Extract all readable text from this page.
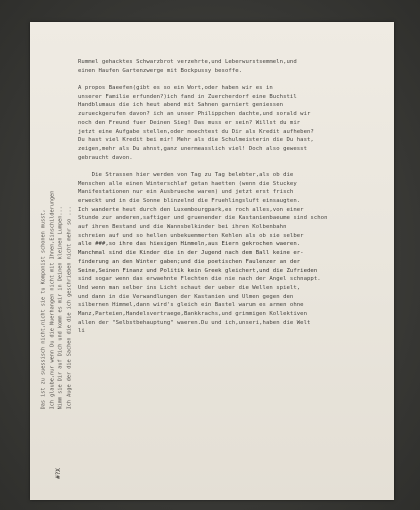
Rummel gehacktes Schwarzbrot verzehrte,und Leberwurstsemmeln,und
einen Haufen Gartenzwerge mit Bockpussy besoffe.

A propos Baeefen(gibt es so ein Wort,oder haben wir es in
unserer Familie erfunden?)ich fand in Zuercherdorf eine Buchstil
Handblumaus die ich heut abend mit Sahnen garniert geniessen
zurueckgerufen davon? ich an unser Philippchen dachte,und sorald wir
noch den Freund fuer Deinen Sieg! Das muss er sein? Willst du mir
jetzt eine Aufgabe stellen,oder moechtest du Dir als Kredit aufheben?
Du hast viel Kredit bei mir! Mehr als die Schulmeisterin die Du hast,
zeigen,mehr als Du ahnst,ganz unermeasslich viel! Doch also gewesst
gebraucht davon.

Die Strassen hier werden von Tag zu Tag belebter,als ob die
Menschen alle einen Winterschlaf getan haetten (wenn die Stuckey
Manifestationen nur ein Ausbrueche waren) und jetzt erst frisch
erweckt und in die Sonne blinzelnd die Fruehlingsluft einsaugten.
Ich wanderte heut durch den Luxembourgpark,es roch alles,von einer
Stunde zur anderen,saftiger und gruenender die Kastanienbaeume sind schon
auf ihren Bestand und die Wannsbelkinder bei ihren Kolbenbahn
schreien auf und so hellen unbekuemmerten Kehlen als ob sie selber
alle ###,so ihre das hiesigen Himmeln,aus Eiern gekrochen waeren.
Manchmal sind die Kinder die in der Jugend nach dem Ball keine er-
finderung an den Winter gaben;und die poetischen Faulenzer an der
Seine,Seinen Finanz und Politik kein Greek gleichert,und die Zufrieden
sind sogar wenn das erwaehnte Flechten die nie nach der Angel schnappt.
Und wenn man selber ins Licht schaut der ueber die Wellen spielt,
und dann in die Verwandlungen der Kastanien und Ulmen gegen den
silbernen Himmel,dann wird's gleich ein Bastel warum es armen ohne
Manz,Parteien,Handelsvertraege,Bankkrachs,und grimmigen Kollektiven
allen der "Selbstbehauptung" waeren.Du und ich,unseri,haben die Welt
li
Das ist zu suessisch nicht,nicht sie tu Komponist schonen musst, Ich glaube,nur wenn Du die Nuerhangen nicht mit Ihnen,Einschilderungen Nimm sie Dir auf Dich und komm es mir in Deinen kleinen Lumpen... Ich Auge der die Sachen die die ich geschrieben nicht mehr so ...
#?X
